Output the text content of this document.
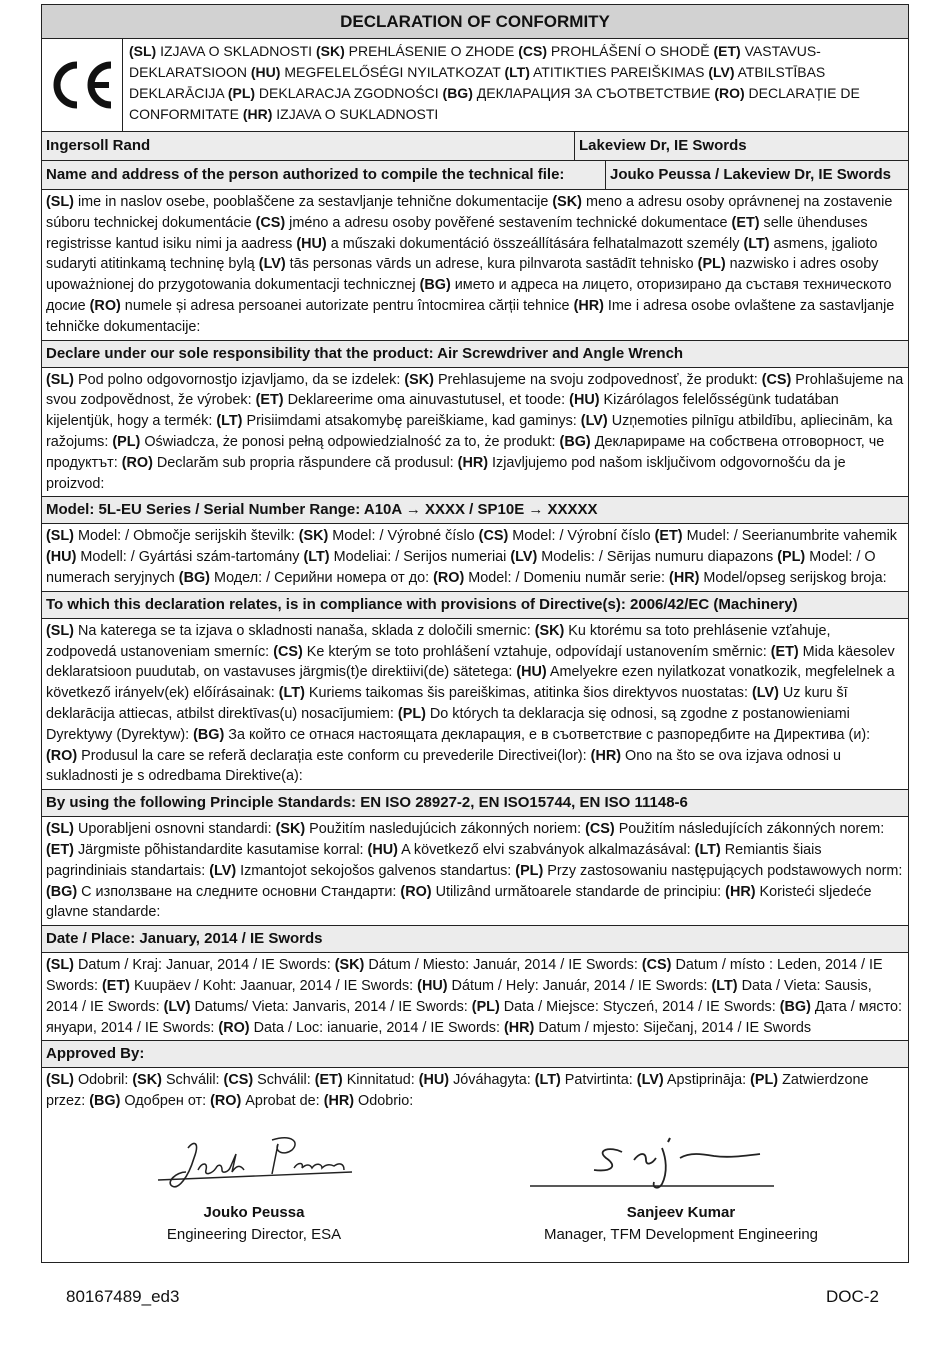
DECLARATION OF CONFORMITY
(SL) IZJAVA O SKLADNOSTI (SK) PREHLÁSENIE O ZHODE (CS) PROHLÁŠENÍ O SHODĚ (ET) VASTAVUS-DEKLARATSIOON (HU) MEGFELELŐSÉGI NYILATKOZAT (LT) ATITIKTIES PAREIŠKIMAS (LV) ATBILSTĪBAS DEKLARĀCIJA (PL) DEKLARACJA ZGODNOŚCI (BG) ДЕКЛАРАЦИЯ ЗА СЪОТВЕТСТВИЕ (RO) DECLARAȚIE DE CONFORMITATE (HR) IZJAVA O SUKLADNOSTI
Ingersoll Rand	Lakeview Dr, IE Swords
Name and address of the person authorized to compile the technical file:	Jouko Peussa / Lakeview Dr, IE Swords
(SL) ime in naslov osebe, pooblaščene za sestavljanje tehnične dokumentacije (SK) meno a adresu osoby oprávnenej na zostavenie súboru technickej dokumentácie (CS) jméno a adresu osoby pověřené sestavením technické dokumentace (ET) selle ühenduses registrisse kantud isiku nimi ja aadress (HU) a műszaki dokumentáció összeállítására felhatalmazott személy (LT) asmens, įgalioto sudaryti atitinkamą techninę bylą (LV) tās personas vārds un adrese, kura pilnvarota sastādīt tehnisko (PL) nazwisko i adres osoby upoważnionej do przygotowania dokumentacji technicznej (BG) името и адреса на лицето, оторизирано да съставя техническото досие (RO) numele și adresa persoanei autorizate pentru întocmirea cărții tehnice (HR) Ime i adresa osobe ovlaštene za sastavljanje tehničke dokumentacije:
Declare under our sole responsibility that the product: Air Screwdriver and Angle Wrench
(SL) Pod polno odgovornostjo izjavljamo, da se izdelek: (SK) Prehlasujeme na svoju zodpovednosť, že produkt: (CS) Prohlašujeme na svou zodpovědnost, že výrobek: (ET) Deklareerime oma ainuvastutusel, et toode: (HU) Kizárólagos felelősségünk tudatában kijelentjük, hogy a termék: (LT) Prisiimdami atsakomybę pareiškiame, kad gaminys: (LV) Uzņemoties pilnīgu atbildību, apliecinām, ka ražojums: (PL) Oświadcza, że ponosi pełną odpowiedzialność za to, że produkt: (BG) Декларираме на собствена отговорност, че продуктът: (RO) Declarăm sub propria răspundere că produsul: (HR) Izjavljujemo pod našom isključivom odgovornošću da je proizvod:
Model: 5L-EU Series / Serial Number Range: A10A → XXXX / SP10E → XXXXX
(SL) Model: / Območje serijskih številk: (SK) Model: / Výrobné číslo (CS) Model: / Výrobní číslo (ET) Mudel: / Seerianumbrite vahemik (HU) Modell: / Gyártási szám-tartomány (LT) Modeliai: / Serijos numeriai (LV) Modelis: / Sērijas numuru diapazons (PL) Model: / O numerach seryjnych (BG) Модел: / Серийни номера от до: (RO) Model: / Domeniu număr serie: (HR) Model/opseg serijskog broja:
To which this declaration relates, is in compliance with provisions of Directive(s): 2006/42/EC (Machinery)
(SL) Na katerega se ta izjava o skladnosti nanaša, sklada z določili smernic: (SK) Ku ktorému sa toto prehlásenie vzťahuje, zodpovedá ustanoveniam smerníc: (CS) Ke kterým se toto prohlášení vztahuje, odpovídají ustanovením směrnic: (ET) Mida käesolev deklaratsioon puudutab, on vastavuses järgmis(t)e direktiivi(de) sätetega: (HU) Amelyekre ezen nyilatkozat vonatkozik, megfelelnek a következő irányelv(ek) előírásainak: (LT) Kuriems taikomas šis pareiškimas, atitinka šios direktyvos nuostatas: (LV) Uz kuru šī deklarācija attiecas, atbilst direktīvas(u) nosacījumiem: (PL) Do których ta deklaracja się odnosi, są zgodne z postanowieniami Dyrektywy (Dyrektyw): (BG) За който се отнася настоящата декларация, е в съответствие с разпоредбите на Директива (и): (RO) Produsul la care se referă declarația este conform cu prevederile Directivei(lor): (HR) Ono na što se ova izjava odnosi u sukladnosti je s odredbama Direktive(a):
By using the following Principle Standards: EN ISO 28927-2, EN ISO15744, EN ISO 11148-6
(SL) Uporabljeni osnovni standardi: (SK) Použitím nasledujúcich zákonných noriem: (CS) Použitím následujících zákonných norem: (ET) Järgmiste põhistandardite kasutamise korral: (HU) A következő elvi szabványok alkalmazásával: (LT) Remiantis šiais pagrindiniais standartais: (LV) Izmantojot sekojošos galvenos standartus: (PL) Przy zastosowaniu następujących podstawowych norm: (BG) С използване на следните основни Стандарти: (RO) Utilizând următoarele standarde de principiu: (HR) Koristeći sljedeće glavne standarde:
Date / Place: January, 2014 / IE Swords
(SL) Datum / Kraj: Januar, 2014 / IE Swords: (SK) Dátum / Miesto: Január, 2014 / IE Swords: (CS) Datum / místo : Leden, 2014 / IE Swords: (ET) Kuupäev / Koht: Jaanuar, 2014 / IE Swords: (HU) Dátum / Hely: Január, 2014 / IE Swords: (LT) Data / Vieta: Sausis, 2014 / IE Swords: (LV) Datums/ Vieta: Janvaris, 2014 / IE Swords: (PL) Data / Miejsce: Styczeń, 2014 / IE Swords: (BG) Дата / място: януари, 2014 / IE Swords: (RO) Data / Loc: ianuarie, 2014 / IE Swords: (HR) Datum / mjesto: Siječanj, 2014 / IE Swords
Approved By:
(SL) Odobril: (SK) Schválil: (CS) Schválil: (ET) Kinnitatud: (HU) Jóváhagyta: (LT) Patvirtinta: (LV) Apstiprināja: (PL) Zatwierdzone przez: (BG) Одобрен от: (RO) Aprobat de: (HR) Odobrio:
Jouko Peussa
Engineering Director, ESA
Sanjeev Kumar
Manager, TFM Development Engineering
80167489_ed3	DOC-2
